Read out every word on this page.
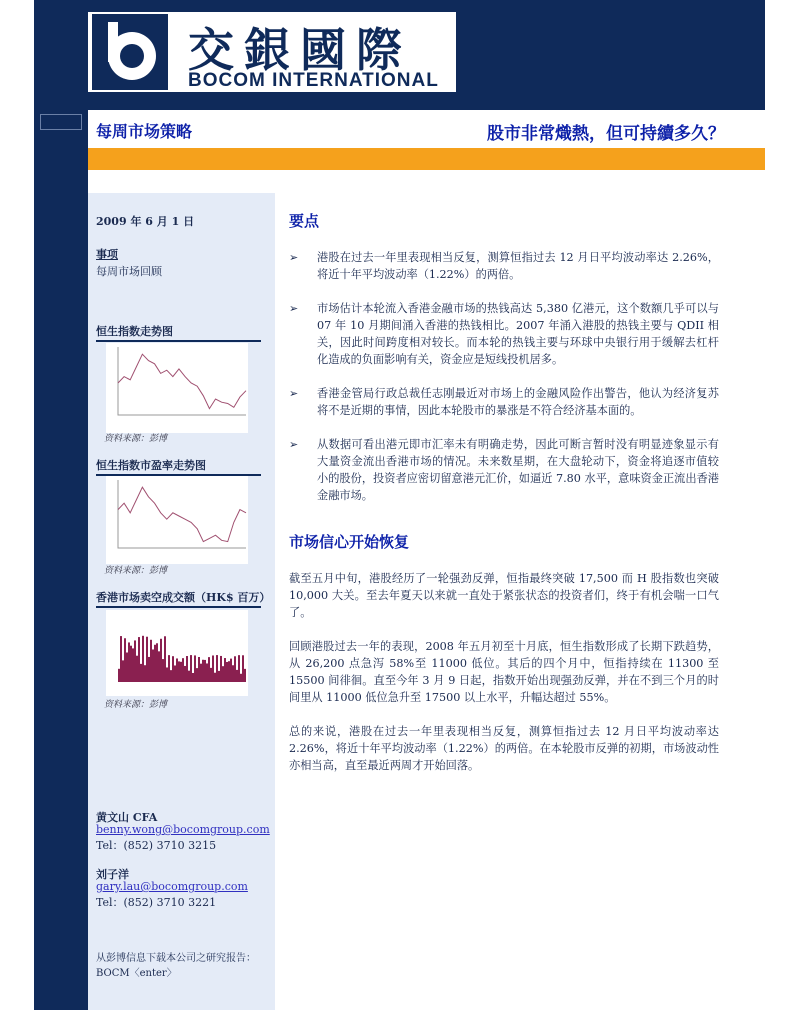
交銀國際
BOCOM INTERNATIONAL
每周市场策略	股市非常熾熱，但可持續多久？
2009 年 6 月 1 日
事项
每周市场回顾
恒生指数走势图
资料来源：彭博
恒生指数市盈率走势图
资料来源：彭博
香港市场卖空成交额（HK$ 百万）
资料来源：彭博
黄文山 CFA
benny.wong@bocomgroup.com
Tel：(852) 3710 3215
刘子洋
gary.lau@bocomgroup.com
Tel：(852) 3710 3221
从彭博信息下载本公司之研究报告：BOCM〈enter〉
要点
➢ 港股在过去一年里表现相当反复，测算恒指过去 12 月日平均波动率达 2.26%，将近十年平均波动率（1.22%）的两倍。
➢ 市场估计本轮流入香港金融市场的热钱高达 5,380 亿港元，这个数额几乎可以与 07 年 10 月期间涌入香港的热钱相比。2007 年涌入港股的热钱主要与 QDII 相关，因此时间跨度相对较长。而本轮的热钱主要与环球中央银行用于缓解去杠杆化造成的负面影响有关，资金应是短线投机居多。
➢ 香港金管局行政总裁任志刚最近对市场上的金融风险作出警告，他认为经济复苏将不是近期的事情，因此本轮股市的暴涨是不符合经济基本面的。
➢ 从数据可看出港元即市汇率未有明确走势，因此可断言暂时没有明显迹象显示有大量资金流出香港市场的情况。未来数星期，在大盘轮动下，资金将追逐市值较小的股份，投资者应密切留意港元汇价，如逼近 7.80 水平，意味资金正流出香港金融市场。
市场信心开始恢复

截至五月中旬，港股经历了一轮强劲反弹，恒指最终突破 17,500 而 H 股指数也突破 10,000 大关。至去年夏天以来就一直处于紧张状态的投资者们，终于有机会喘一口气了。

回顾港股过去一年的表现，2008 年五月初至十月底，恒生指数形成了长期下跌趋势，从 26,200 点急泻 58%至 11000 低位。其后的四个月中，恒指持续在 11300 至 15500 间徘徊。直至今年 3 月 9 日起，指数开始出现强劲反弹，并在不到三个月的时间里从 11000 低位急升至 17500 以上水平，升幅达超过 55%。

总的来说，港股在过去一年里表现相当反复，测算恒指过去 12 月日平均波动率达 2.26%，将近十年平均波动率（1.22%）的两倍。在本轮股市反弹的初期，市场波动性亦相当高，直至最近两周才开始回落。
